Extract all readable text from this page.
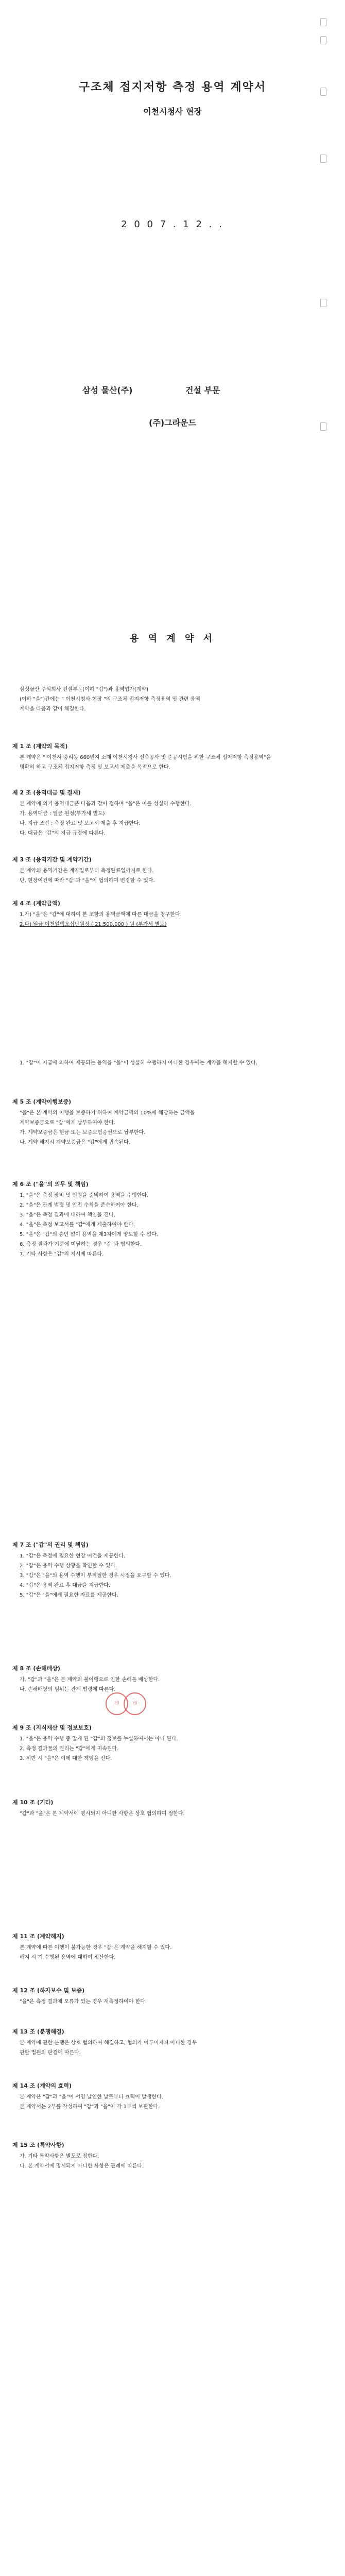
구조체 접지저항 측정 용역 계약서
이천시청사 현장
2 0 0 7 . 1 2 . .
삼성 물산(주)	건설 부문
(주)그라운드
용 역 계 약 서

삼성물산 주식회사 건설부문(이하 "갑")과 용역업자(계약)

(이하 "을")간에는 " 이천시청사 현장 "의 구조체 접지저항 측정용역 및 관련 용역

계약을 다음과 같이 체결한다.

제 1 조 (계약의 목적)

본 계약은 " 이천시 중리동 660번지 소재 이천시청사 신축공사 및 준공시험을 위한 구조체 접지저항 측정용역"을

명확히 하고 구조체 접지저항 측정 및 보고서 제출을 목적으로 한다.

제 2 조 (용역대금 및 결제)

본 계약에 의거 용역대금은 다음과 같이 정하며 "을"은 이를 성실히 수행한다.

가. 용역대금 : 일금 원정(부가세 별도)

나. 지급 조건 : 측정 완료 및 보고서 제출 후 지급한다.

다. 대금은 "갑"의 지급 규정에 따른다.

제 3 조 (용역기간 및 계약기간)

본 계약의 용역기간은 계약일로부터 측정완료일까지로 한다.

단, 현장여건에 따라 "갑"과 "을"이 협의하여 변경할 수 있다.

제 4 조 (계약금액)

1.가) "을"은 "갑"에 대하여 본 조항의 용역금액에 따른 대금을 청구한다.

2.나) 일금 이천일백오십만원정 ( 21,500,000 ) 원 (부가세 별도)

1. "갑"이 지급에 의하여 제공되는 용역을 "을"이 성실히 수행하지 아니한 경우에는 계약을 해지할 수 있다.

제 5 조 (계약이행보증)

"을"은 본 계약의 이행을 보증하기 위하여 계약금액의 10%에 해당하는 금액을

계약보증금으로 "갑"에게 납부하여야 한다.

가. 계약보증금은 현금 또는 보증보험증권으로 납부한다.

나. 계약 해지시 계약보증금은 "갑"에게 귀속된다.

제 6 조 ("을"의 의무 및 책임)

1. "을"은 측정 장비 및 인원을 준비하여 용역을 수행한다.

2. "을"은 관계 법령 및 안전 수칙을 준수하여야 한다.

3. "을"은 측정 결과에 대하여 책임을 진다.

4. "을"은 측정 보고서를 "갑"에게 제출하여야 한다.

5. "을"은 "갑"의 승인 없이 용역을 제3자에게 양도할 수 없다.

6. 측정 결과가 기준에 미달하는 경우 "갑"과 협의한다.

7. 기타 사항은 "갑"의 지시에 따른다.

제 7 조 ("갑"의 권리 및 책임)

1. "갑"은 측정에 필요한 현장 여건을 제공한다.

2. "갑"은 용역 수행 상황을 확인할 수 있다.

3. "갑"은 "을"의 용역 수행이 부적절한 경우 시정을 요구할 수 있다.

4. "갑"은 용역 완료 후 대금을 지급한다.

5. "갑"은 "을"에게 필요한 자료를 제공한다.

제 8 조 (손해배상)

가. "갑"과 "을"은 본 계약의 불이행으로 인한 손해를 배상한다.

나. 손해배상의 범위는 관계 법령에 따른다.

印	印
제 9 조 (지식재산 및 정보보호)

1. "을"은 용역 수행 중 알게 된 "갑"의 정보를 누설하여서는 아니 된다.

2. 측정 결과물의 권리는 "갑"에게 귀속된다.

3. 위반 시 "을"은 이에 대한 책임을 진다.

제 10 조 (기타)

"갑"과 "을"은 본 계약서에 명시되지 아니한 사항은 상호 협의하여 정한다.

제 11 조 (계약해지)

본 계약에 따른 이행이 불가능한 경우 "갑"은 계약을 해지할 수 있다.

해지 시 기 수행된 용역에 대하여 정산한다.

제 12 조 (하자보수 및 보증)

"을"은 측정 결과에 오류가 있는 경우 재측정하여야 한다.

제 13 조 (분쟁해결)

본 계약에 관한 분쟁은 상호 협의하여 해결하고, 협의가 이루어지지 아니한 경우

관할 법원의 판결에 따른다.

제 14 조 (계약의 효력)

본 계약은 "갑"과 "을"이 서명 날인한 날로부터 효력이 발생한다.

본 계약서는 2부를 작성하여 "갑"과 "을"이 각 1부씩 보관한다.

제 15 조 (특약사항)

가. 기타 특약사항은 별도로 정한다.

나. 본 계약서에 명시되지 아니한 사항은 관례에 따른다.
